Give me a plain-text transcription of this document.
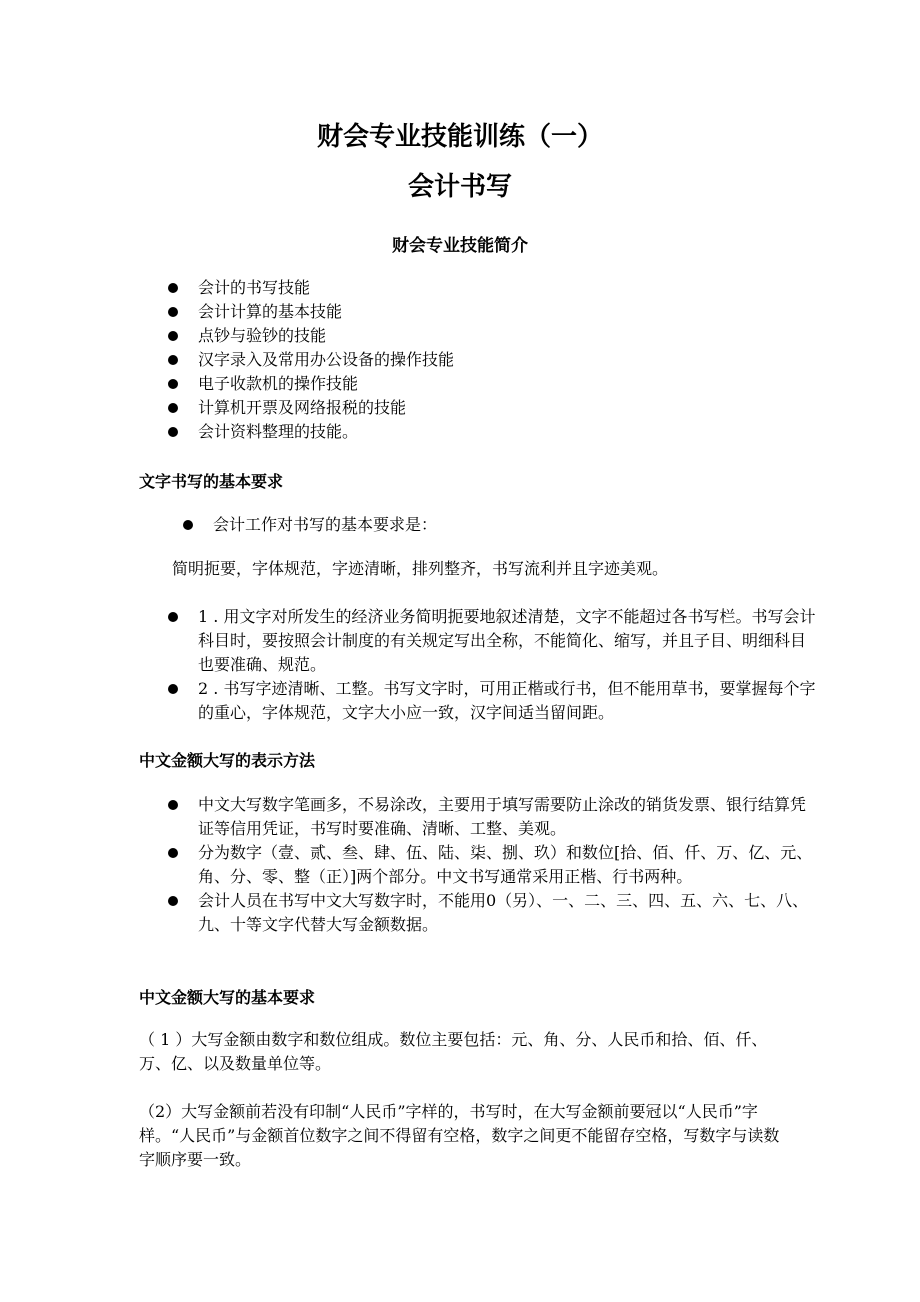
财会专业技能训练（一）
会计书写
财会专业技能简介
会计的书写技能
会计计算的基本技能
点钞与验钞的技能
汉字录入及常用办公设备的操作技能
电子收款机的操作技能
计算机开票及网络报税的技能
会计资料整理的技能。
文字书写的基本要求
会计工作对书写的基本要求是：
简明扼要，字体规范，字迹清晰，排列整齐，书写流利并且字迹美观。
1 . 用文字对所发生的经济业务简明扼要地叙述清楚，文字不能超过各书写栏。书写会计科目时，要按照会计制度的有关规定写出全称，不能简化、缩写，并且子目、明细科目也要准确、规范。
2 . 书写字迹清晰、工整。书写文字时，可用正楷或行书，但不能用草书，要掌握每个字的重心，字体规范，文字大小应一致，汉字间适当留间距。
中文金额大写的表示方法
中文大写数字笔画多，不易涂改，主要用于填写需要防止涂改的销货发票、银行结算凭证等信用凭证，书写时要准确、清晰、工整、美观。
分为数字（壹、贰、叁、肆、伍、陆、柒、捌、玖）和数位[拾、佰、仟、万、亿、元、角、分、零、整（正）]两个部分。中文书写通常采用正楷、行书两种。
会计人员在书写中文大写数字时，不能用0（另）、一、二、三、四、五、六、七、八、九、十等文字代替大写金额数据。
中文金额大写的基本要求
（ 1 ）大写金额由数字和数位组成。数位主要包括：元、角、分、人民币和拾、佰、仟、万、亿、以及数量单位等。
（2）大写金额前若没有印制“人民币”字样的，书写时，在大写金额前要冠以“人民币”字样。“人民币”与金额首位数字之间不得留有空格，数字之间更不能留存空格，写数字与读数字顺序要一致。
